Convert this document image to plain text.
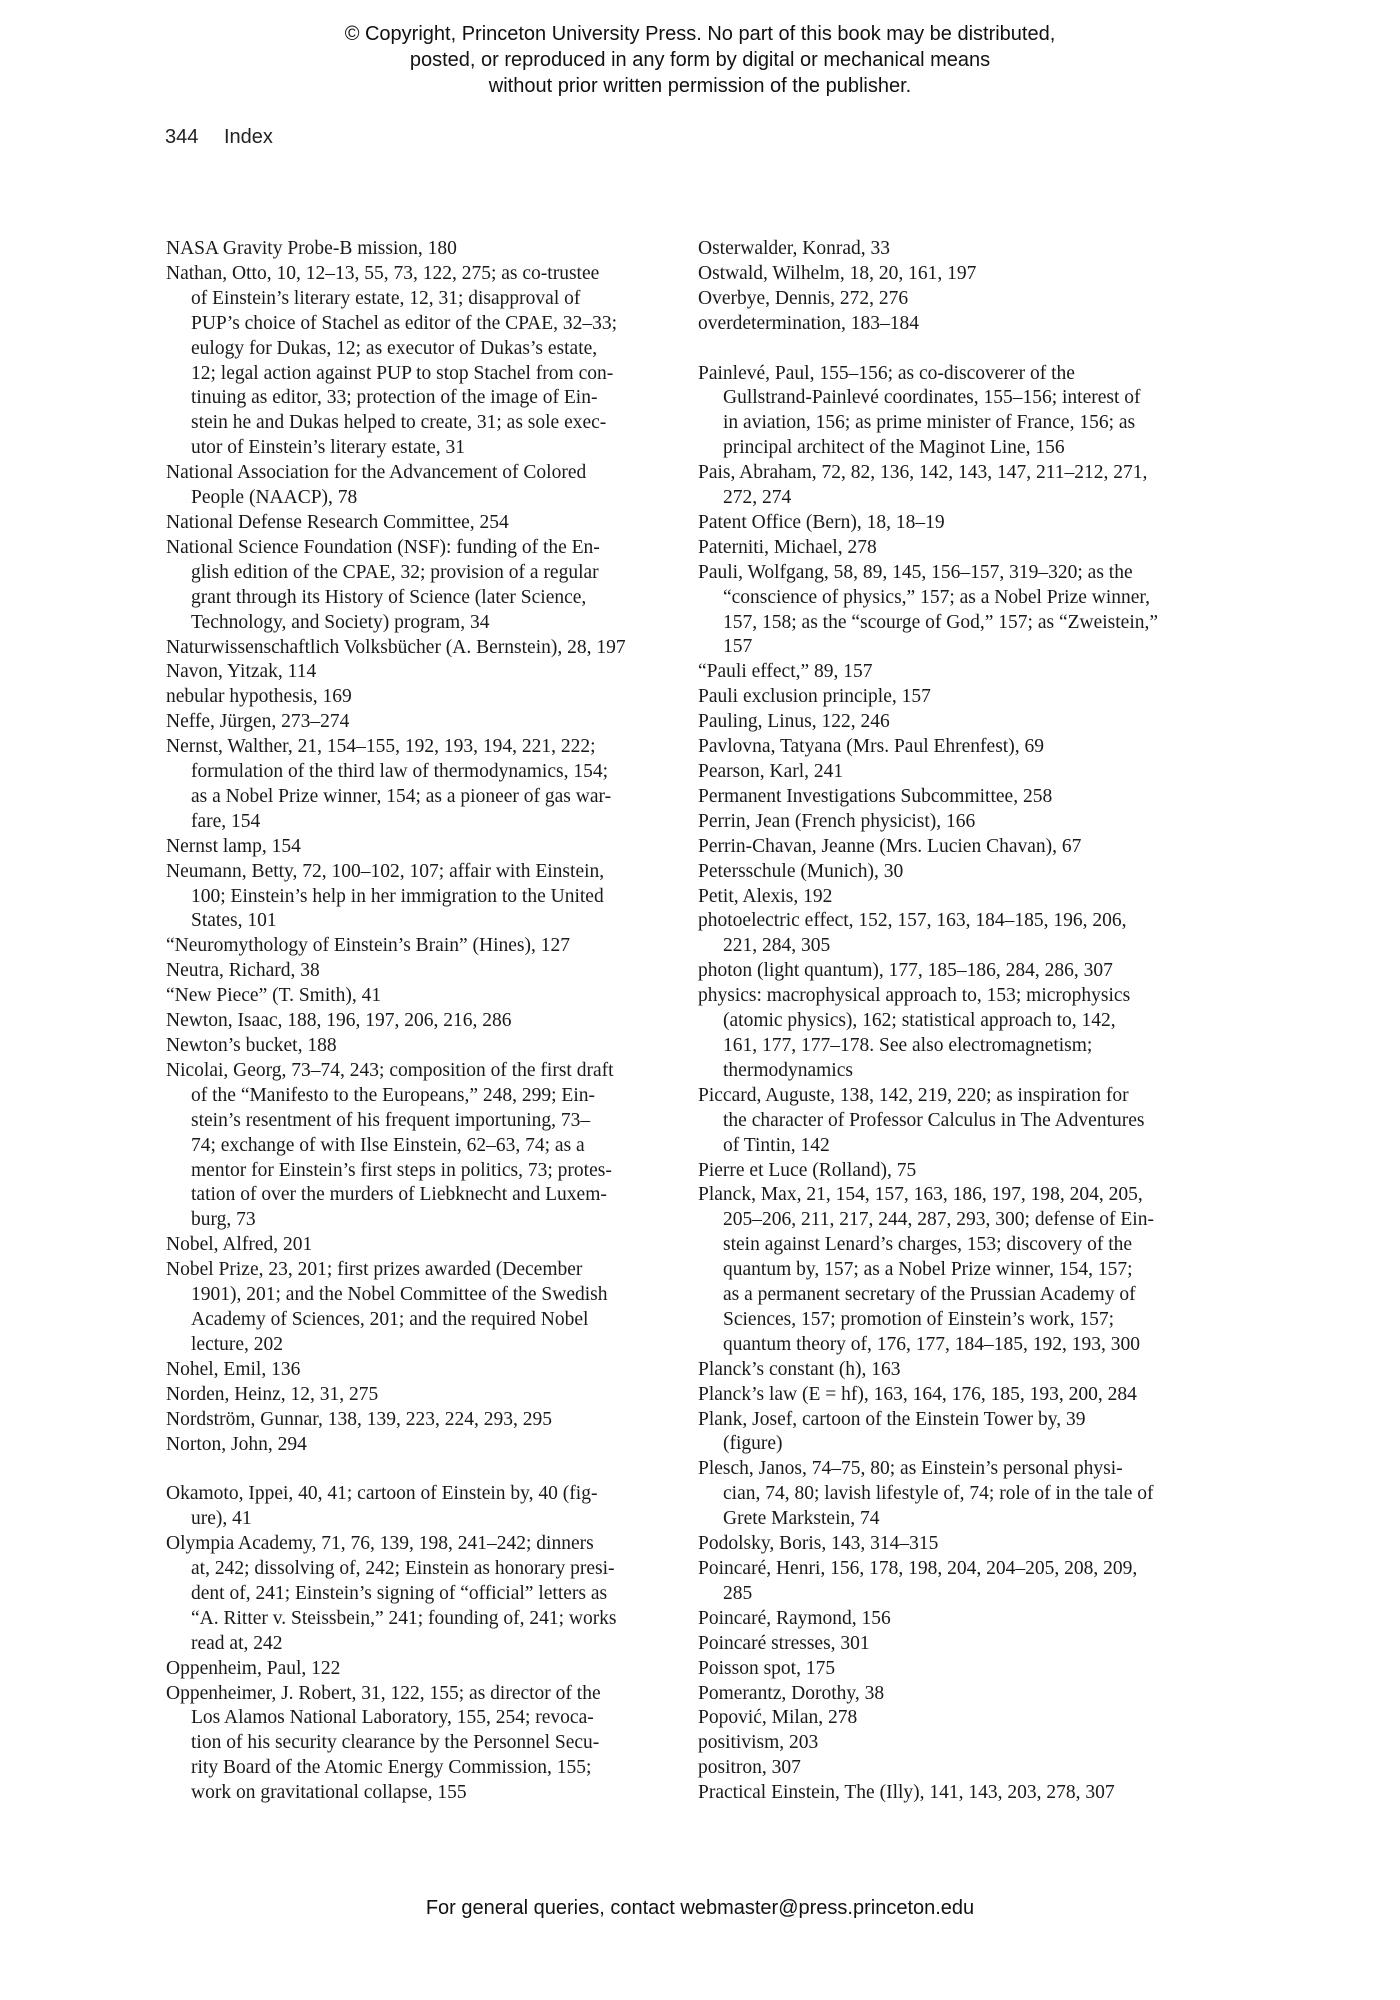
© Copyright, Princeton University Press. No part of this book may be distributed,
posted, or reproduced in any form by digital or mechanical means
without prior written permission of the publisher.
344 Index
NASA Gravity Probe-B mission, 180
Nathan, Otto, 10, 12–13, 55, 73, 122, 275; as co-trustee
of Einstein’s literary estate, 12, 31; disapproval of
PUP’s choice of Stachel as editor of the CPAE, 32–33;
eulogy for Dukas, 12; as executor of Dukas’s estate,
12; legal action against PUP to stop Stachel from con-
tinuing as editor, 33; protection of the image of Ein-
stein he and Dukas helped to create, 31; as sole exec-
utor of Einstein’s literary estate, 31
National Association for the Advancement of Colored
People (NAACP), 78
National Defense Research Committee, 254
National Science Foundation (NSF): funding of the En-
glish edition of the CPAE, 32; provision of a regular
grant through its History of Science (later Science,
Technology, and Society) program, 34
Naturwissenschaftlich Volksbücher (A. Bernstein), 28, 197
Navon, Yitzak, 114
nebular hypothesis, 169
Neffe, Jürgen, 273–274
Nernst, Walther, 21, 154–155, 192, 193, 194, 221, 222;
formulation of the third law of thermodynamics, 154;
as a Nobel Prize winner, 154; as a pioneer of gas war-
fare, 154
Nernst lamp, 154
Neumann, Betty, 72, 100–102, 107; affair with Einstein,
100; Einstein’s help in her immigration to the United
States, 101
“Neuromythology of Einstein’s Brain” (Hines), 127
Neutra, Richard, 38
“New Piece” (T. Smith), 41
Newton, Isaac, 188, 196, 197, 206, 216, 286
Newton’s bucket, 188
Nicolai, Georg, 73–74, 243; composition of the first draft
of the “Manifesto to the Europeans,” 248, 299; Ein-
stein’s resentment of his frequent importuning, 73–
74; exchange of with Ilse Einstein, 62–63, 74; as a
mentor for Einstein’s first steps in politics, 73; protes-
tation of over the murders of Liebknecht and Luxem-
burg, 73
Nobel, Alfred, 201
Nobel Prize, 23, 201; first prizes awarded (December
1901), 201; and the Nobel Committee of the Swedish
Academy of Sciences, 201; and the required Nobel
lecture, 202
Nohel, Emil, 136
Norden, Heinz, 12, 31, 275
Nordström, Gunnar, 138, 139, 223, 224, 293, 295
Norton, John, 294
Okamoto, Ippei, 40, 41; cartoon of Einstein by, 40 (fig-
ure), 41
Olympia Academy, 71, 76, 139, 198, 241–242; dinners
at, 242; dissolving of, 242; Einstein as honorary presi-
dent of, 241; Einstein’s signing of “official” letters as
“A. Ritter v. Steissbein,” 241; founding of, 241; works
read at, 242
Oppenheim, Paul, 122
Oppenheimer, J. Robert, 31, 122, 155; as director of the
Los Alamos National Laboratory, 155, 254; revoca-
tion of his security clearance by the Personnel Secu-
rity Board of the Atomic Energy Commission, 155;
work on gravitational collapse, 155
Osterwalder, Konrad, 33
Ostwald, Wilhelm, 18, 20, 161, 197
Overbye, Dennis, 272, 276
overdetermination, 183–184
Painlevé, Paul, 155–156; as co-discoverer of the
Gullstrand-Painlevé coordinates, 155–156; interest of
in aviation, 156; as prime minister of France, 156; as
principal architect of the Maginot Line, 156
Pais, Abraham, 72, 82, 136, 142, 143, 147, 211–212, 271,
272, 274
Patent Office (Bern), 18, 18–19
Paterniti, Michael, 278
Pauli, Wolfgang, 58, 89, 145, 156–157, 319–320; as the
“conscience of physics,” 157; as a Nobel Prize winner,
157, 158; as the “scourge of God,” 157; as “Zweistein,”
157
“Pauli effect,” 89, 157
Pauli exclusion principle, 157
Pauling, Linus, 122, 246
Pavlovna, Tatyana (Mrs. Paul Ehrenfest), 69
Pearson, Karl, 241
Permanent Investigations Subcommittee, 258
Perrin, Jean (French physicist), 166
Perrin-Chavan, Jeanne (Mrs. Lucien Chavan), 67
Petersschule (Munich), 30
Petit, Alexis, 192
photoelectric effect, 152, 157, 163, 184–185, 196, 206,
221, 284, 305
photon (light quantum), 177, 185–186, 284, 286, 307
physics: macrophysical approach to, 153; microphysics
(atomic physics), 162; statistical approach to, 142,
161, 177, 177–178. See also electromagnetism;
thermodynamics
Piccard, Auguste, 138, 142, 219, 220; as inspiration for
the character of Professor Calculus in The Adventures
of Tintin, 142
Pierre et Luce (Rolland), 75
Planck, Max, 21, 154, 157, 163, 186, 197, 198, 204, 205,
205–206, 211, 217, 244, 287, 293, 300; defense of Ein-
stein against Lenard’s charges, 153; discovery of the
quantum by, 157; as a Nobel Prize winner, 154, 157;
as a permanent secretary of the Prussian Academy of
Sciences, 157; promotion of Einstein’s work, 157;
quantum theory of, 176, 177, 184–185, 192, 193, 300
Planck’s constant (h), 163
Planck’s law (E = hf), 163, 164, 176, 185, 193, 200, 284
Plank, Josef, cartoon of the Einstein Tower by, 39
(figure)
Plesch, Janos, 74–75, 80; as Einstein’s personal physi-
cian, 74, 80; lavish lifestyle of, 74; role of in the tale of
Grete Markstein, 74
Podolsky, Boris, 143, 314–315
Poincaré, Henri, 156, 178, 198, 204, 204–205, 208, 209,
285
Poincaré, Raymond, 156
Poincaré stresses, 301
Poisson spot, 175
Pomerantz, Dorothy, 38
Popović, Milan, 278
positivism, 203
positron, 307
Practical Einstein, The (Illy), 141, 143, 203, 278, 307
For general queries, contact webmaster@press.princeton.edu
